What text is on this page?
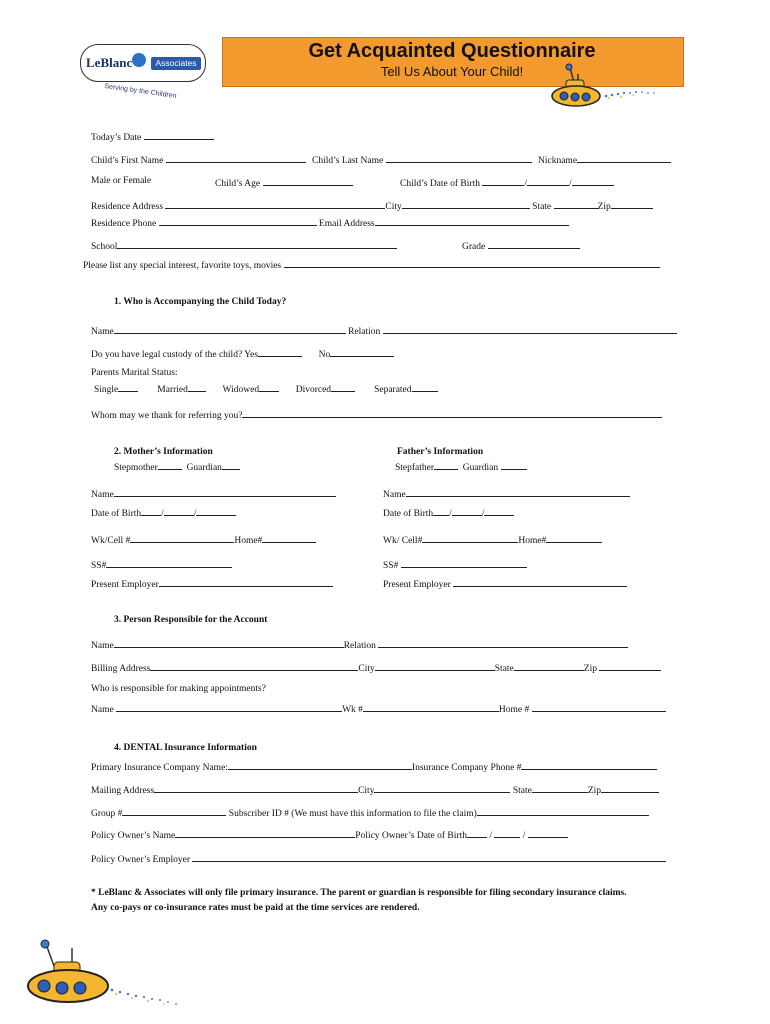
LeBlanc	Associates
Serving by the Children
Get Acquainted Questionnaire
Tell Us About Your Child!
Today’s Date
Child’s First Name	Child’s Last Name	Nickname
Male or Female	Child’s Age	Child’s Date of Birth	/	/
Residence Address	City	State	Zip
Residence Phone	Email Address
School	Grade
Please list any special interest, favorite toys, movies
1. Who is Accompanying the Child Today?
Name	Relation
Do you have legal custody of the child? Yes	No
Parents Marital Status:
Single	Married	Widowed	Divorced	Separated
Whom may we thank for referring you?
2. Mother’s Information
Stepmother	Guardian
Father’s Information
Stepfather	Guardian
Name	Name
Date of Birth /	/	Date of Birth /	/
Wk/Cell #	Home#	Wk/ Cell#	Home#
SS#	SS#
Present Employer	Present Employer
3. Person Responsible for the Account
Name	Relation
Billing Address	City	State	Zip
Who is responsible for making appointments?
Name	Wk #	Home #
4. DENTAL Insurance Information
Primary Insurance Company Name:	Insurance Company Phone #
Mailing Address	City	State	Zip
Group #	Subscriber ID # (We must have this information to file the claim)
Policy Owner’s Name	Policy Owner’s Date of Birth /	/
Policy Owner’s Employer
* LeBlanc & Associates will only file primary insurance. The parent or guardian is responsible for filing secondary insurance claims.
Any co-pays or co-insurance rates must be paid at the time services are rendered.
